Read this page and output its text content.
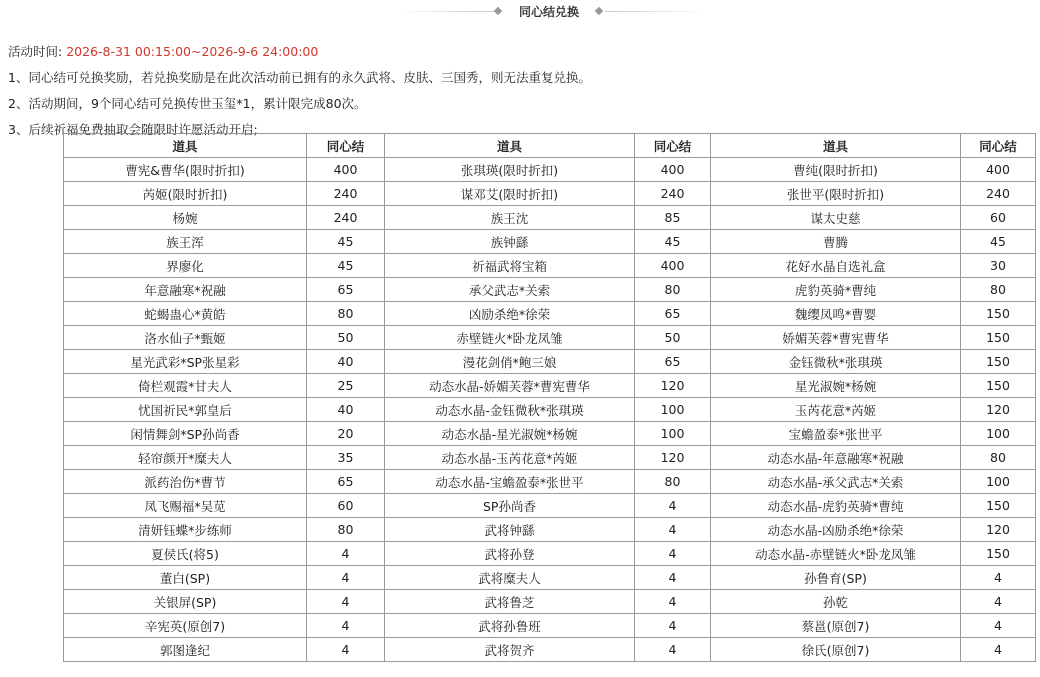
同心结兑换
活动时间: 2026-8-31 00:15:00~2026-9-6 24:00:00
1、同心结可兑换奖励，若兑换奖励是在此次活动前已拥有的永久武将、皮肤、三国秀，则无法重复兑换。
2、活动期间，9个同心结可兑换传世玉玺*1，累计限完成80次。
3、后续祈福免费抽取会随限时许愿活动开启;
道具	同心结	道具	同心结	道具	同心结
曹宪&曹华(限时折扣)	400	张琪瑛(限时折扣)	400	曹纯(限时折扣)	400
芮姬(限时折扣)	240	谋邓艾(限时折扣)	240	张世平(限时折扣)	240
杨婉	240	族王沈	85	谋太史慈	60
族王浑	45	族钟繇	45	曹腾	45
界廖化	45	祈福武将宝箱	400	花好水晶自选礼盒	30
年意融寒*祝融	65	承父武志*关索	80	虎豹英骑*曹纯	80
蛇蝎蛊心*黄皓	80	凶励杀绝*徐荣	65	魏缨凤鸣*曹婴	150
洛水仙子*甄姬	50	赤壁链火*卧龙凤雏	50	娇媚芙蓉*曹宪曹华	150
星光武彩*SP张星彩	40	漫花剑俏*鲍三娘	65	金钰微秋*张琪瑛	150
倚栏观霞*甘夫人	25	动态水晶-娇媚芙蓉*曹宪曹华	120	星光淑婉*杨婉	150
忧国祈民*郭皇后	40	动态水晶-金钰微秋*张琪瑛	100	玉芮花意*芮姬	120
闲情舞剑*SP孙尚香	20	动态水晶-星光淑婉*杨婉	100	宝蟾盈泰*张世平	100
轻帘颜开*糜夫人	35	动态水晶-玉芮花意*芮姬	120	动态水晶-年意融寒*祝融	80
派药治伤*曹节	65	动态水晶-宝蟾盈泰*张世平	80	动态水晶-承父武志*关索	100
凤飞赐福*吴苋	60	SP孙尚香	4	动态水晶-虎豹英骑*曹纯	150
清妍钰蝶*步练师	80	武将钟繇	4	动态水晶-凶励杀绝*徐荣	120
夏侯氏(将5)	4	武将孙登	4	动态水晶-赤壁链火*卧龙凤雏	150
董白(SP)	4	武将糜夫人	4	孙鲁育(SP)	4
关银屏(SP)	4	武将鲁芝	4	孙乾	4
辛宪英(原创7)	4	武将孙鲁班	4	蔡邕(原创7)	4
郭图逢纪	4	武将贺齐	4	徐氏(原创7)	4
